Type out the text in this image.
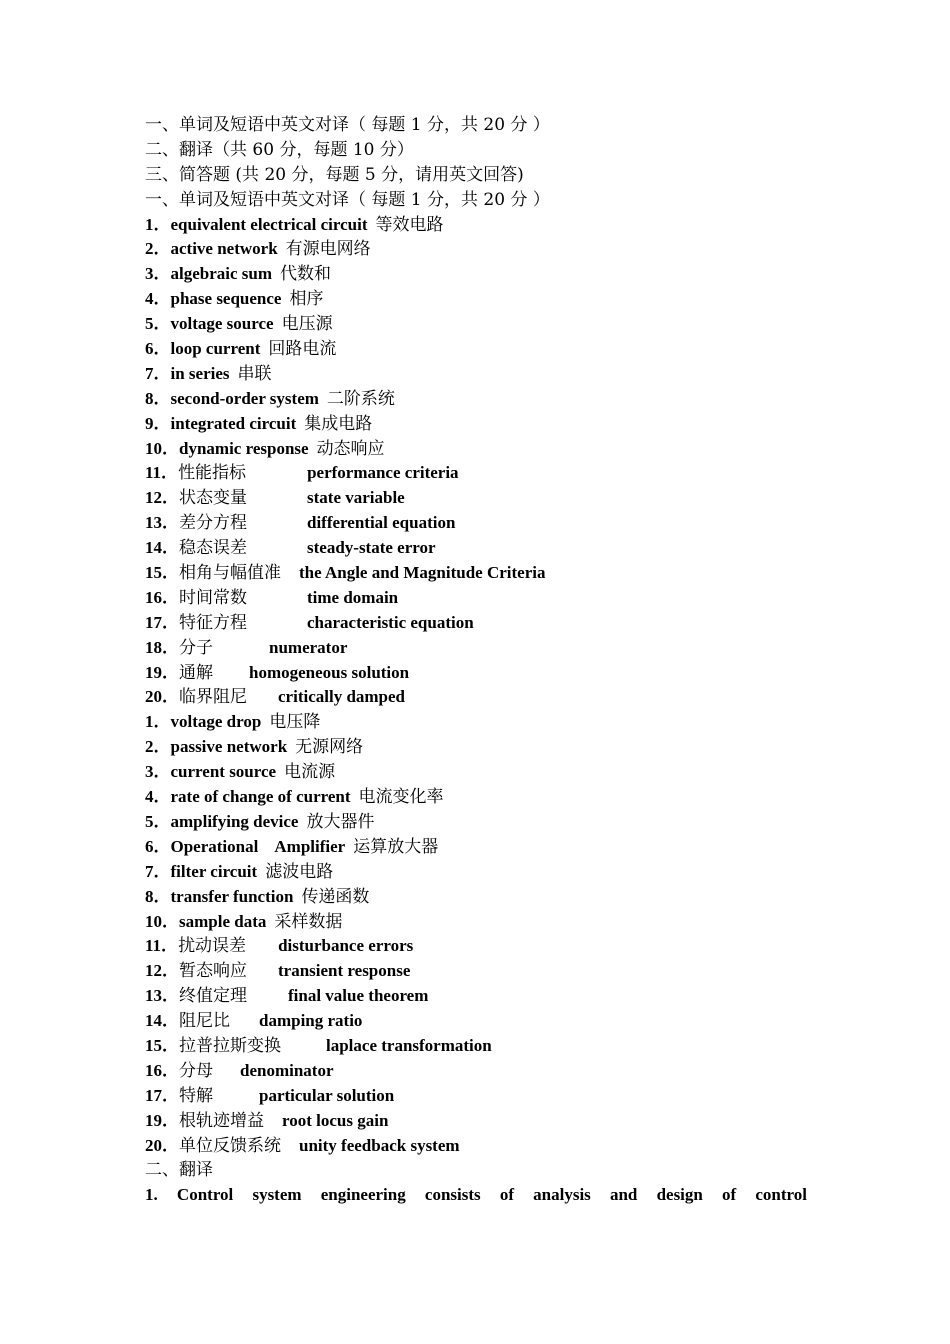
一、单词及短语中英文对译（ 每题 1 分，共 20 分 ）
二、翻译（共 60 分，每题 10 分）
三、简答题 (共 20 分，每题 5 分，请用英文回答)
一、单词及短语中英文对译（ 每题 1 分，共 20 分 ）
1．equivalent electrical circuit 等效电路
2．active network 有源电网络
3．algebraic sum 代数和
4．phase sequence 相序
5．voltage source 电压源
6．loop current 回路电流
7．in series 串联
8．second-order system 二阶系统
9．integrated circuit 集成电路
10．dynamic response 动态响应
11．性能指标	performance criteria
12．状态变量	state variable
13．差分方程	differential equation
14．稳态误差	steady-state error
15．相角与幅值准 the Angle and Magnitude Criteria
16．时间常数	time domain
17．特征方程	characteristic equation
18．分子	numerator
19．通解 homogeneous solution
20．临界阻尼 critically damped
1．voltage drop 电压降
2．passive network 无源网络
3．current source 电流源
4．rate of change of current 电流变化率
5．amplifying device 放大器件
6．Operational    Amplifier 运算放大器
7．filter circuit 滤波电路
8．transfer function 传递函数
10．sample data 采样数据
11．扰动误差 disturbance errors
12．暂态响应 transient response
13．终值定理 final value theorem
14．阻尼比 damping ratio
15．拉普拉斯变换	laplace transformation
16．分母 denominator
17．特解	particular solution
19．根轨迹增益 root locus gain
20．单位反馈系统 unity feedback system
二、翻译
1. Control system engineering consists of analysis and design of control
